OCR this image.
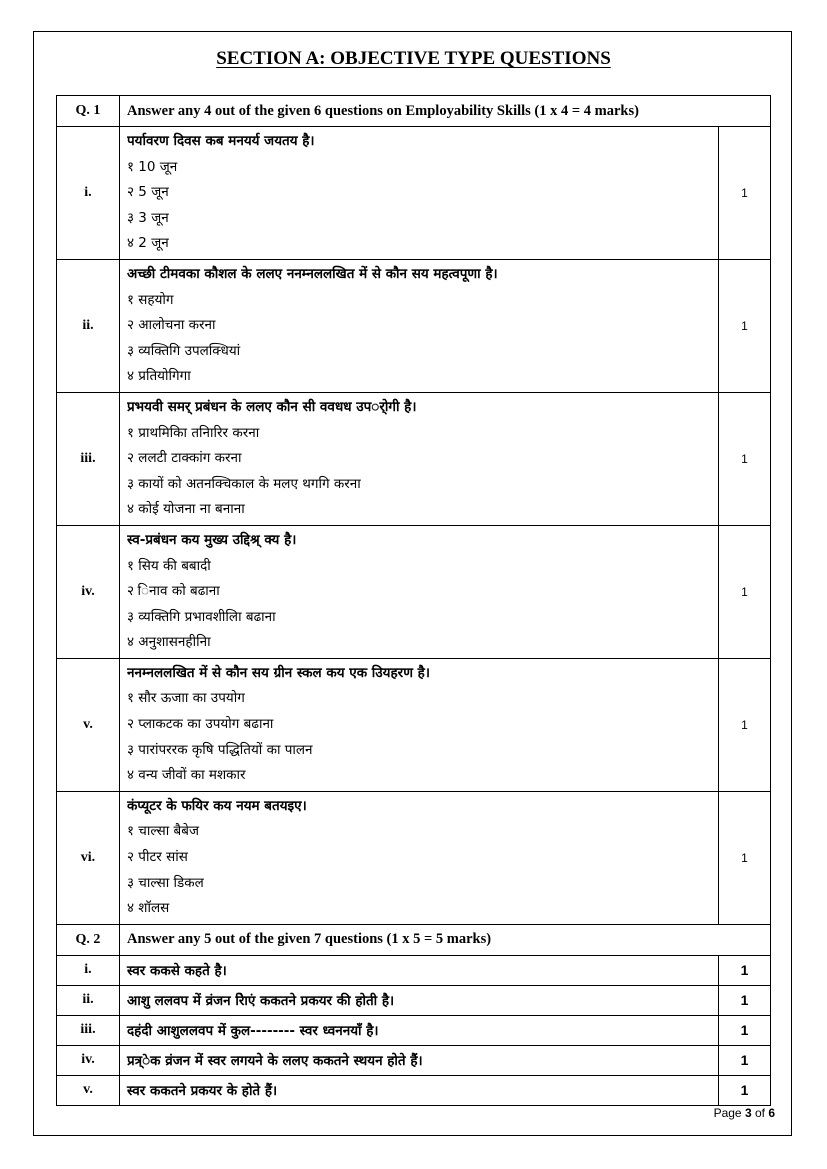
SECTION A: OBJECTIVE TYPE QUESTIONS
Q. 1	Answer any 4 out of the given 6 questions on Employability Skills (1 x 4 = 4 marks)	
i.	पर्यावरण दिवस कब मनयर्य जयतय है।
१ 10 जून
२ 5 जून
३ 3 जून
४ 2 जून	1
ii.	अच्छी टीमवका कौशल के ललए ननम्नललखित में से कौन सय महत्वपूणा है।
१ सहयोग
२ आलोचना करना
३ व्यक्तिगि उपलक्धियां
४ प्रतियोगिगा	1
iii.	प्रभयवी समर् प्रबंधन के ललए कौन सी ववधध उपर्ोगी है।
१ प्राथमिकिा तनिारिर करना
२ ललटी टाक्कांग करना
३ कायों को अतनक्चिकाल के मलए थगगि करना
४ कोई योजना ना बनाना	1
iv.	स्व-प्रबंधन कय मुख्य उद्दिश्र् क्य है।
१ सिय की बबादी
२ िनाव को बढाना
३ व्यक्तिगि प्रभावशीलिा बढाना
४ अनुशासनहीनिा	1
v.	ननम्नललखित में से कौन सय ग्रीन स्कल कय एक उियहरण है।
१ सौर ऊजाा का उपयोग
२ प्लाकटक का उपयोग बढाना
३ पारांपररक कृषि पद्धितियों का पालन
४ वन्य जीवों का मशकार	1
vi.	कंप्यूटर के फयिर कय नयम बतयइए।
१ चाल्सा बैबेज
२ पीटर सांस
३ चाल्सा डिकल
४ शॉलस	1
Q. 2	Answer any 5 out of the given 7 questions (1 x 5 = 5 marks)	
i.	स्वर ककसे कहते है।	1
ii.	आशु ललवप में व्रंजन रेिाएं ककतने प्रकयर की होती है।	1
iii.	दहंदी आशुललवप में कुल-------- स्वर ध्वननयाँ है।	1
iv.	प्रत्र्ेक व्रंजन में स्वर लगयने के ललए ककतने स्थयन होते हैं।	1
v.	स्वर ककतने प्रकयर के होते हैं।	1
Page 3 of 6
